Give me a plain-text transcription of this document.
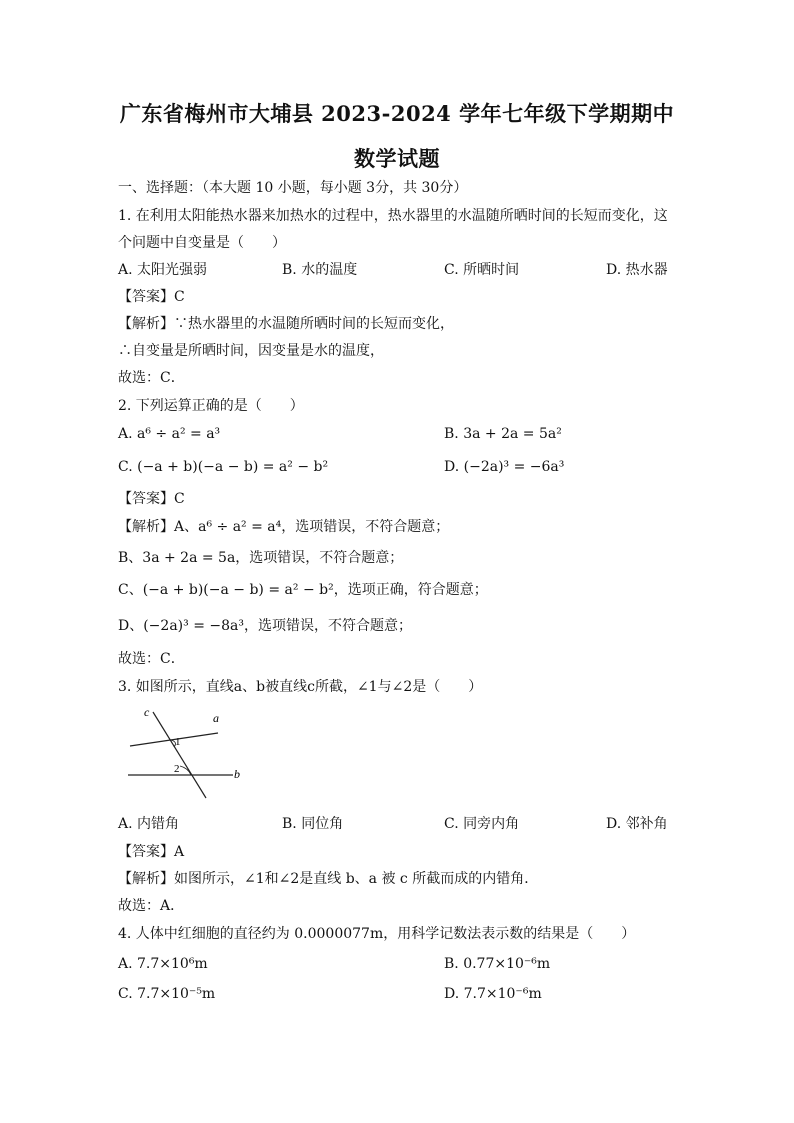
广东省梅州市大埔县 2023-2024 学年七年级下学期期中
数学试题
一、选择题：（本大题 10 小题，每小题 3分，共 30分）
1. 在利用太阳能热水器来加热水的过程中，热水器里的水温随所晒时间的长短而变化，这
个问题中自变量是（　　）
A. 太阳光强弱	B. 水的温度	C. 所晒时间	D. 热水器
【答案】C
【解析】∵热水器里的水温随所晒时间的长短而变化，
∴自变量是所晒时间，因变量是水的温度，
故选：C．
2. 下列运算正确的是（　　）
A. a⁶ ÷ a² = a³	B. 3a + 2a = 5a²
C. (−a + b)(−a − b) = a² − b²	D. (−2a)³ = −6a³
【答案】C
【解析】A、a⁶ ÷ a² = a⁴，选项错误，不符合题意；
B、3a + 2a = 5a，选项错误，不符合题意；
C、(−a + b)(−a − b) = a² − b²，选项正确，符合题意；
D、(−2a)³ = −8a³，选项错误，不符合题意；
故选：C．
3. 如图所示，直线a、b被直线c所截，∠1与∠2是（　　）
c	a
1
2	b
A. 内错角	B. 同位角	C. 同旁内角	D. 邻补角
【答案】A
【解析】如图所示，∠1和∠2是直线 b、a 被 c 所截而成的内错角．
故选：A．
4. 人体中红细胞的直径约为 0.0000077m，用科学记数法表示数的结果是（　　）
A. 7.7×10⁶m	B. 0.77×10⁻⁶m
C. 7.7×10⁻⁵m	D. 7.7×10⁻⁶m
